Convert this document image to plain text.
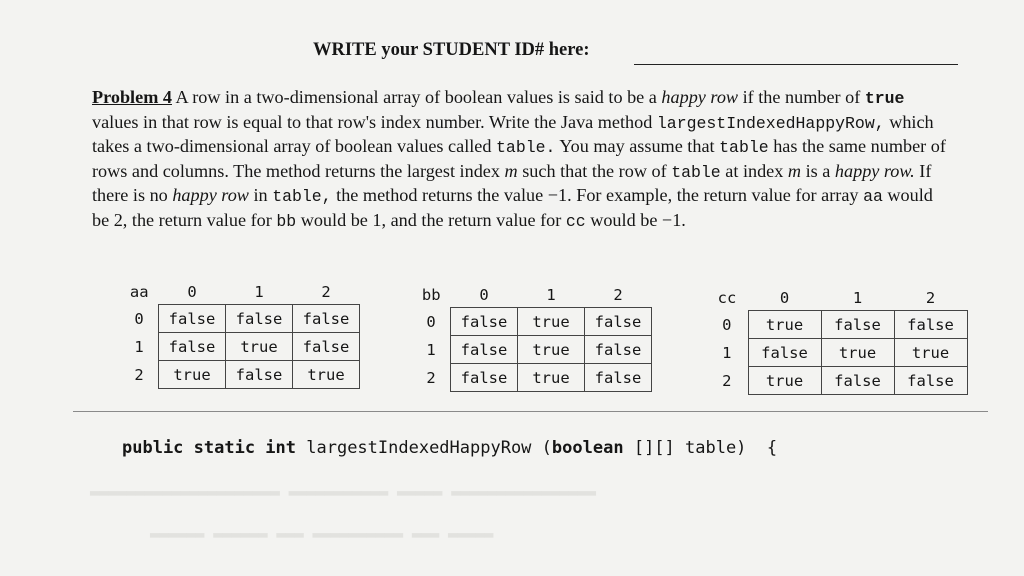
▂▂▂▂▂▂ ▂▂▂▂▂▂ ▂▂▂ ▂▂▂▂▂▂▂▂▂▂ ▂▂▂ ▂▂▂▂▂
▂▂▂▂▂▂▂▂▂▂▂▂▂▂▂▂▂▂▂▂▂ ▂▂▂▂▂▂▂▂▂▂▂ ▂▂▂▂▂ ▂▂▂▂▂▂▂▂▂▂▂▂▂▂▂▂
WRITE your STUDENT ID# here:
Problem 4 A row in a two-dimensional array of boolean values is said to be a happy row if the number of true values in that row is equal to that row's index number. Write the Java method largestIndexedHappyRow, which takes a two-dimensional array of boolean values called table. You may assume that table has the same number of rows and columns. The method returns the largest index m such that the row of table at index m is a happy row. If there is no happy row in table, the method returns the value −1. For example, the return value for array aa would be 2, the return value for bb would be 1, and the return value for cc would be −1.
aa	0	1	2
0	false	false	false
1	false	true	false
2	true	false	true
bb	0	1	2
0	false	true	false
1	false	true	false
2	false	true	false
cc	0	1	2
0	true	false	false
1	false	true	true
2	true	false	false
public static int largestIndexedHappyRow (boolean [][] table) {
